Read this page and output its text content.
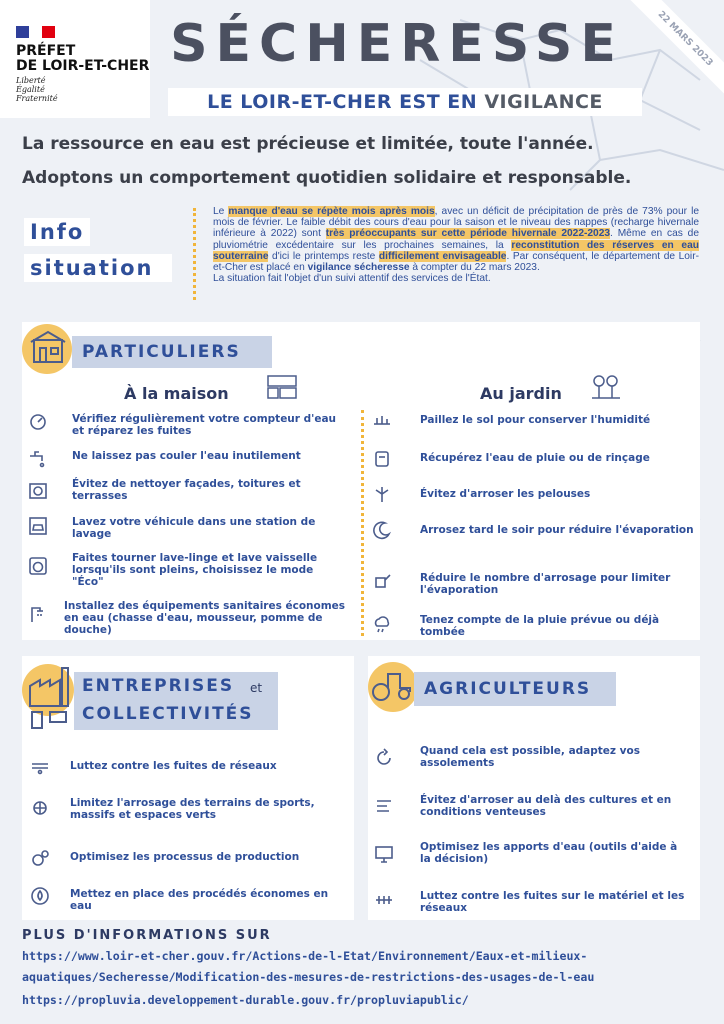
PRÉFET
DE LOIR-ET-CHER
Liberté
Égalité
Fraternité
SÉCHERESSE
LE LOIR-ET-CHER EST EN VIGILANCE
22 MARS 2023
La ressource en eau est précieuse et limitée, toute l'année.
Adoptons un comportement quotidien solidaire et responsable.
Info
situation
Le manque d'eau se répète mois après mois, avec un déficit de précipitation de près de 73% pour le mois de février. Le faible débit des cours d'eau pour la saison et le niveau des nappes (recharge hivernale inférieure à 2022) sont très préoccupants sur cette période hivernale 2022-2023. Même en cas de pluviométrie excédentaire sur les prochaines semaines, la reconstitution des réserves en eau souterraine d'ici le printemps reste difficilement envisageable. Par conséquent, le département de Loir-et-Cher est placé en vigilance sécheresse à compter du 22 mars 2023.
La situation fait l'objet d'un suivi attentif des services de l'État.
PARTICULIERS
À la maison	Au jardin
Vérifiez régulièrement votre compteur d'eau et réparez les fuites
Ne laissez pas couler l'eau inutilement
Évitez de nettoyer façades, toitures et terrasses
Lavez votre véhicule dans une station de lavage
Faites tourner lave-linge et lave vaisselle lorsqu'ils sont pleins, choisissez le mode "Éco"
Installez des équipements sanitaires économes en eau (chasse d'eau, mousseur, pomme de douche)
Paillez le sol pour conserver l'humidité
Récupérez l'eau de pluie ou de rinçage
Évitez d'arroser les pelouses
Arrosez tard le soir pour réduire l'évaporation
Réduire le nombre d'arrosage pour limiter l'évaporation
Tenez compte de la pluie prévue ou déjà tombée
ENTREPRISES et
COLLECTIVITÉS
Luttez contre les fuites de réseaux
Limitez l'arrosage des terrains de sports, massifs et espaces verts
Optimisez les processus de production
Mettez en place des procédés économes en eau
AGRICULTEURS
Quand cela est possible, adaptez vos assolements
Évitez d'arroser au delà des cultures et en conditions venteuses
Optimisez les apports d'eau (outils d'aide à la décision)
Luttez contre les fuites sur le matériel et les réseaux
PLUS D'INFORMATIONS SUR
https://www.loir-et-cher.gouv.fr/Actions-de-l-Etat/Environnement/Eaux-et-milieux-
aquatiques/Secheresse/Modification-des-mesures-de-restrictions-des-usages-de-l-eau
https://propluvia.developpement-durable.gouv.fr/propluviapublic/
